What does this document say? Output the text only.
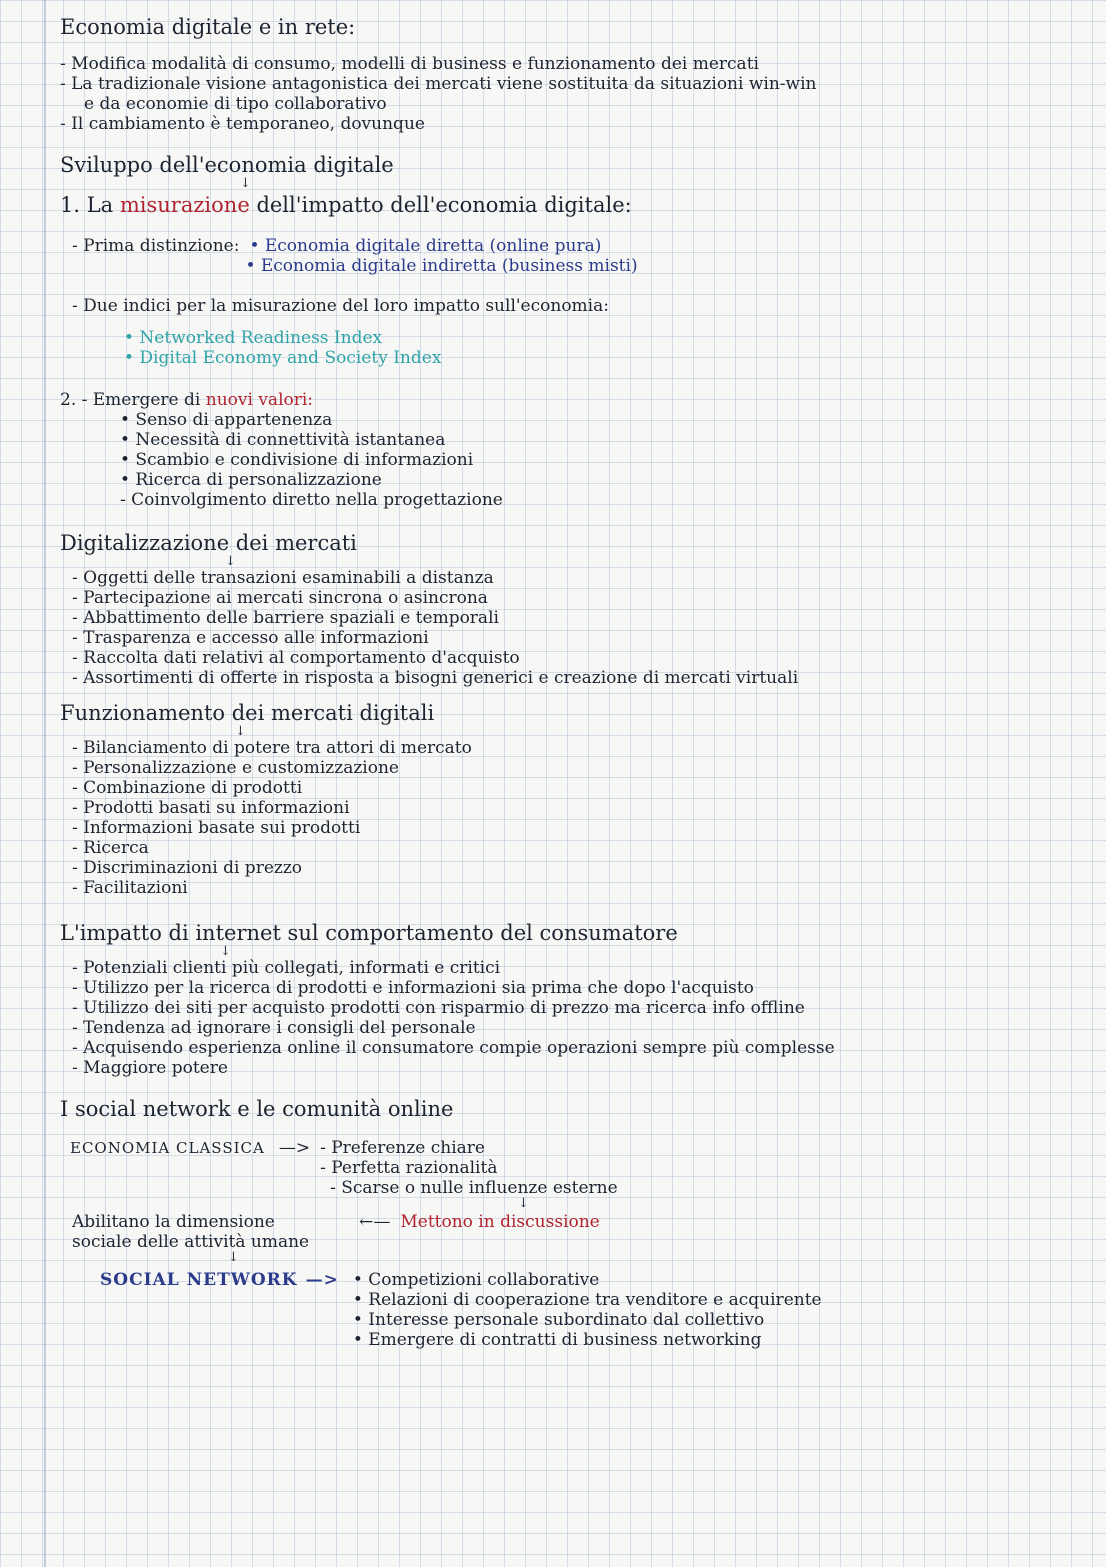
Economia digitale e in rete:
- Modifica modalità di consumo, modelli di business e funzionamento dei mercati
- La tradizionale visione antagonistica dei mercati viene sostituita da situazioni win-win
e da economie di tipo collaborativo
- Il cambiamento è temporaneo, dovunque
Sviluppo dell'economia digitale
↓
1. La misurazione dell'impatto dell'economia digitale:
- Prima distinzione: • Economia digitale diretta (online pura)
• Economia digitale indiretta (business misti)
- Due indici per la misurazione del loro impatto sull'economia:
• Networked Readiness Index
• Digital Economy and Society Index
2. - Emergere di nuovi valori:
• Senso di appartenenza
• Necessità di connettività istantanea
• Scambio e condivisione di informazioni
• Ricerca di personalizzazione
- Coinvolgimento diretto nella progettazione
Digitalizzazione dei mercati
↓
- Oggetti delle transazioni esaminabili a distanza
- Partecipazione ai mercati sincrona o asincrona
- Abbattimento delle barriere spaziali e temporali
- Trasparenza e accesso alle informazioni
- Raccolta dati relativi al comportamento d'acquisto
- Assortimenti di offerte in risposta a bisogni generici e creazione di mercati virtuali
Funzionamento dei mercati digitali
↓
- Bilanciamento di potere tra attori di mercato
- Personalizzazione e customizzazione
- Combinazione di prodotti
- Prodotti basati su informazioni
- Informazioni basate sui prodotti
- Ricerca
- Discriminazioni di prezzo
- Facilitazioni
L'impatto di internet sul comportamento del consumatore
↓
- Potenziali clienti più collegati, informati e critici
- Utilizzo per la ricerca di prodotti e informazioni sia prima che dopo l'acquisto
- Utilizzo dei siti per acquisto prodotti con risparmio di prezzo ma ricerca info offline
- Tendenza ad ignorare i consigli del personale
- Acquisendo esperienza online il consumatore compie operazioni sempre più complesse
- Maggiore potere
I social network e le comunità online
ECONOMIA CLASSICA —> - Preferenze chiare
- Perfetta razionalità
- Scarse o nulle influenze esterne
↓
Abilitano la dimensione
sociale delle attività umane
←— Mettono in discussione
↓
SOCIAL NETWORK —> • Competizioni collaborative
• Relazioni di cooperazione tra venditore e acquirente
• Interesse personale subordinato dal collettivo
• Emergere di contratti di business networking
